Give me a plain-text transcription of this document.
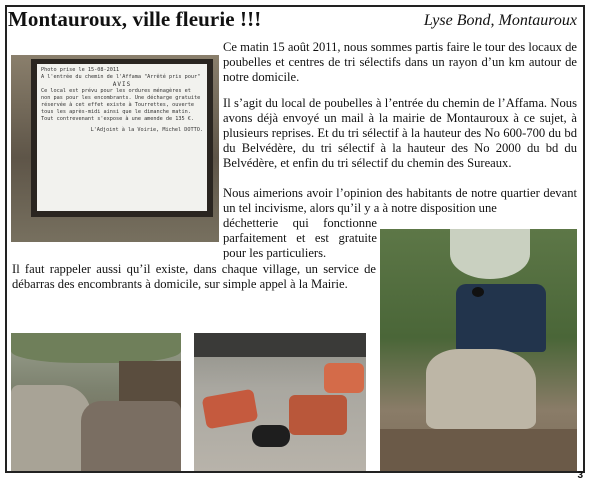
Montauroux, ville fleurie !!!	Lyse Bond, Montauroux
Photo prise le 15-08-2011
A l'entrée du chemin de l'Affama "Arrêté pris pour"
AVIS
Ce local est prévu pour les ordures ménagères et non pas pour les encombrants. Une décharge gratuite réservée à cet effet existe à Tourrettes, ouverte tous les après-midi ainsi que le dimanche matin. Tout contrevenant s'expose à une amende de 135 €.
L'Adjoint à la Voirie, Michel DOTTO.

Ce matin 15 août 2011, nous sommes partis faire le tour des locaux de poubelles et centres de tri sélectifs dans un rayon d’un km autour de notre domicile.

Il s’agit du local de poubelles à l’entrée du chemin de l’Affama. Nous avons déjà envoyé un mail à la mairie de Montauroux à ce sujet, à plusieurs reprises. Et du tri sélectif à la hauteur des No 600-700 du bd du Belvédère, du tri sélectif à la hauteur des No 2000 du bd du Belvédère, et enfin du tri sélectif du chemin des Sureaux.

Nous aimerions avoir l’opinion des habitants de notre quartier devant un tel incivisme, alors qu’il y a à notre disposition une

déchetterie qui fonctionne parfaitement et est gratuite pour les particuliers.

Il faut rappeler aussi qu’il existe, dans chaque village, un service de débarras des encombrants à domicile, sur simple appel à la Mairie.

3
